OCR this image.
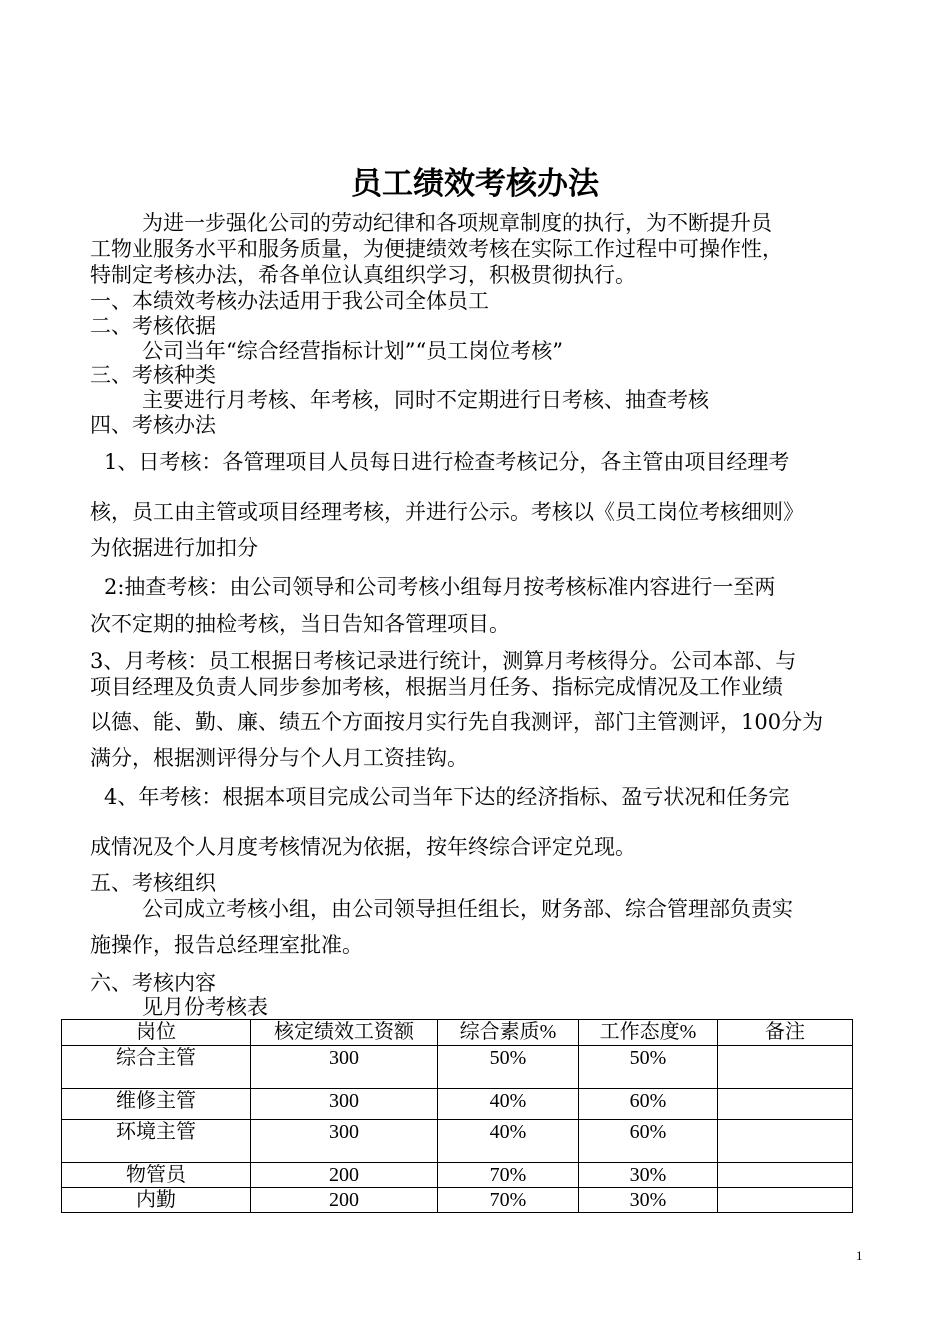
员工绩效考核办法
为进一步强化公司的劳动纪律和各项规章制度的执行，为不断提升员
工物业服务水平和服务质量，为便捷绩效考核在实际工作过程中可操作性，
特制定考核办法，希各单位认真组织学习，积极贯彻执行。
一、本绩效考核办法适用于我公司全体员工
二、考核依据
公司当年“综合经营指标计划”“员工岗位考核”
三、考核种类
主要进行月考核、年考核，同时不定期进行日考核、抽查考核
四、考核办法
1、日考核：各管理项目人员每日进行检查考核记分，各主管由项目经理考
核，员工由主管或项目经理考核，并进行公示。考核以《员工岗位考核细则》
为依据进行加扣分
2:抽查考核：由公司领导和公司考核小组每月按考核标准内容进行一至两
次不定期的抽检考核，当日告知各管理项目。
3、月考核：员工根据日考核记录进行统计，测算月考核得分。公司本部、与
项目经理及负责人同步参加考核，根据当月任务、指标完成情况及工作业绩
以德、能、勤、廉、绩五个方面按月实行先自我测评，部门主管测评，100分为
满分，根据测评得分与个人月工资挂钩。
4、年考核：根据本项目完成公司当年下达的经济指标、盈亏状况和任务完
成情况及个人月度考核情况为依据，按年终综合评定兑现。
五、考核组织
公司成立考核小组，由公司领导担任组长，财务部、综合管理部负责实
施操作，报告总经理室批准。
六、考核内容
见月份考核表
岗位	核定绩效工资额	综合素质%	工作态度%	备注
综合主管	300	50%	50%	
维修主管	300	40%	60%	
环境主管	300	40%	60%	
物管员	200	70%	30%	
内勤	200	70%	30%	
1
